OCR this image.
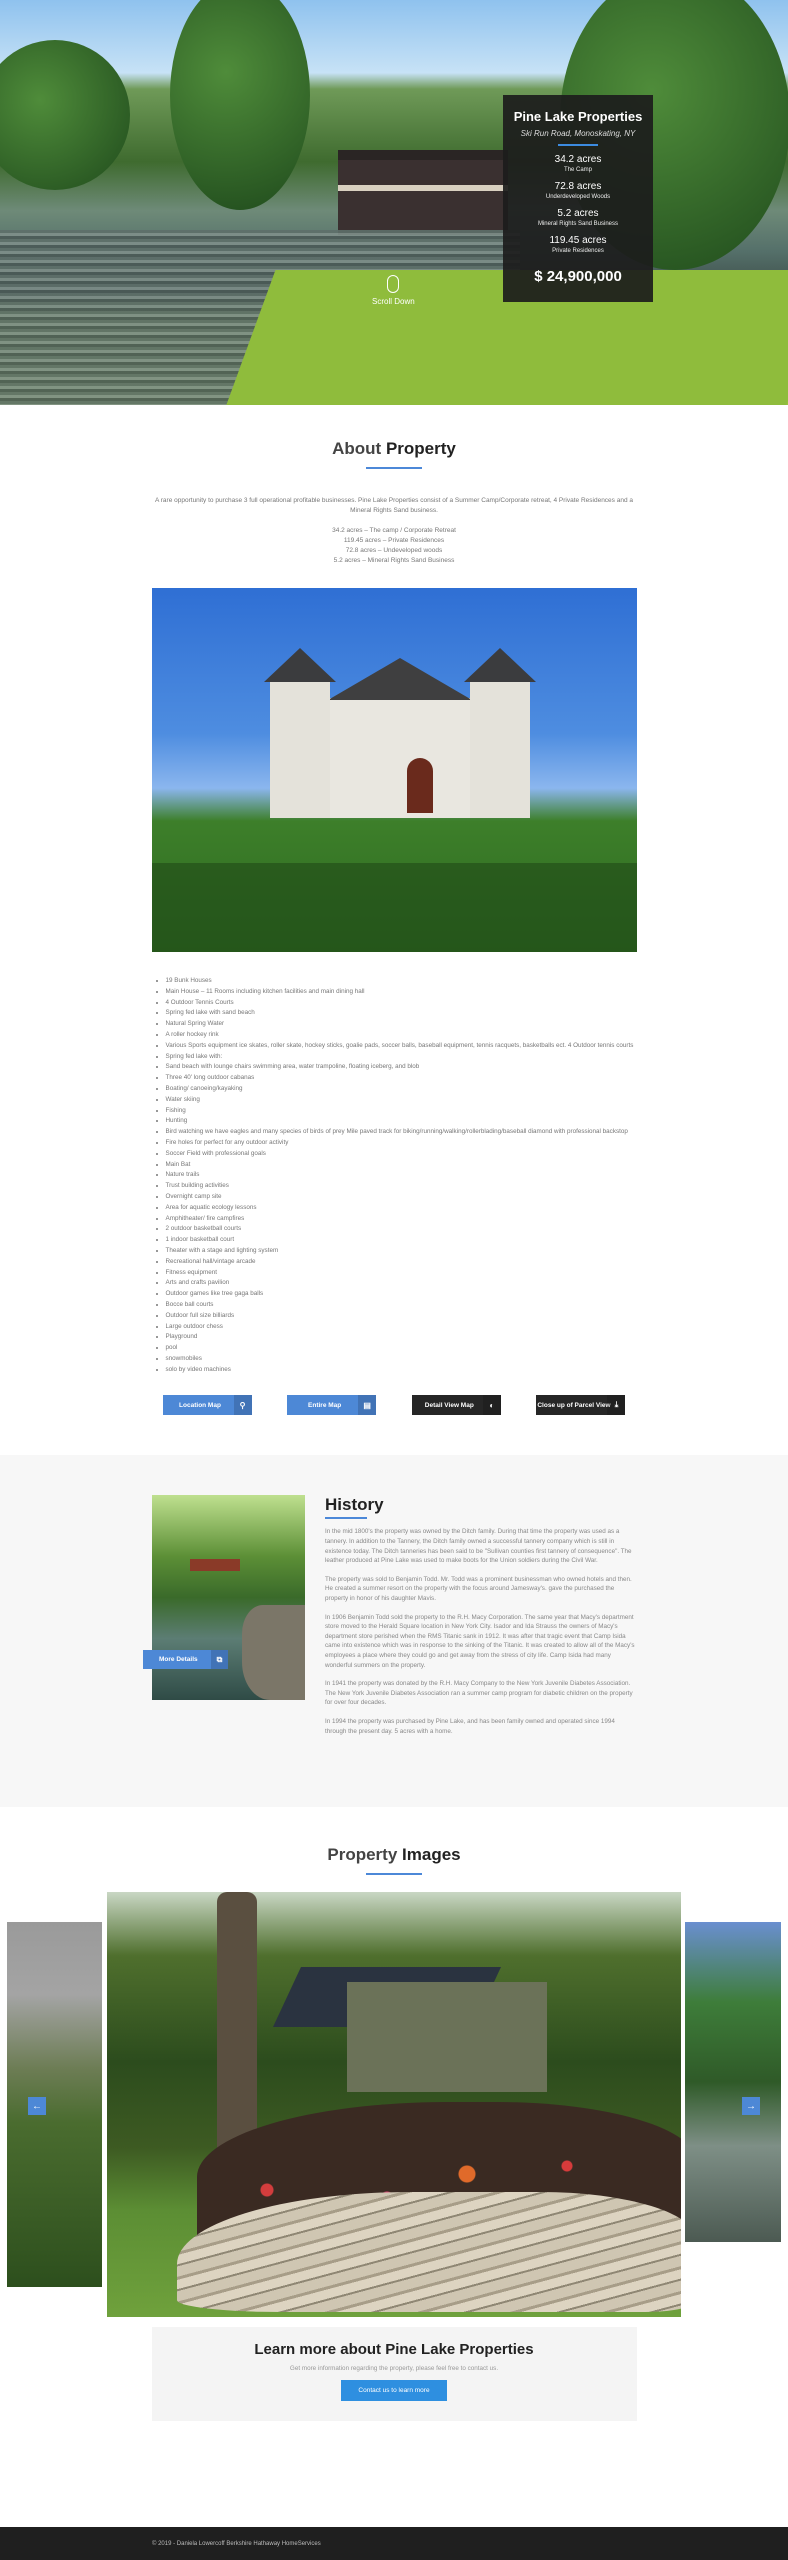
Scroll Down
Pine Lake Properties
Ski Run Road, Monoskating, NY
34.2 acres
The Camp
72.8 acres
Underdeveloped Woods
5.2 acres
Mineral Rights Sand Business
119.45 acres
Private Residences
$ 24,900,000
About Property

A rare opportunity to purchase 3 full operational profitable businesses. Pine Lake Properties consist of a Summer Camp/Corporate retreat, 4 Private Residences and a Mineral Rights Sand business.

34.2 acres – The camp / Corporate Retreat
119.45 acres – Private Residences
72.8 acres – Undeveloped woods
5.2 acres – Mineral Rights Sand Business
• 19 Bunk Houses
• Main House – 11 Rooms including kitchen facilities and main dining hall
• 4 Outdoor Tennis Courts
• Spring fed lake with sand beach
• Natural Spring Water
• A roller hockey rink
• Various Sports equipment ice skates, roller skate, hockey sticks, goalie pads, soccer balls, baseball equipment, tennis racquets, basketballs ect. 4 Outdoor tennis courts
• Spring fed lake with:
• Sand beach with lounge chairs swimming area, water trampoline, floating iceberg, and blob
• Three 40' long outdoor cabanas
• Boating/ canoeing/kayaking
• Water skiing
• Fishing
• Hunting
• Bird watching we have eagles and many species of birds of prey Mile paved track for biking/running/walking/rollerblading/baseball diamond with professional backstop
• Fire holes for perfect for any outdoor activity
• Soccer Field with professional goals
• Main Bat
• Nature trails
• Trust building activities
• Overnight camp site
• Area for aquatic ecology lessons
• Amphitheater/ fire campfires
• 2 outdoor basketball courts
• 1 indoor basketball court
• Theater with a stage and lighting system
• Recreational hall/vintage arcade
• Fitness equipment
• Arts and crafts pavilion
• Outdoor games like tree gaga balls
• Bocce ball courts
• Outdoor full size billiards
• Large outdoor chess
• Playground
• pool
• snowmobiles
• solo by video machines
Location Map	⚲	Entire Map	▤	Detail View Map	◐	Close up of Parcel View ⤓
More Details	⧉
History

In the mid 1800's the property was owned by the Ditch family. During that time the property was used as a tannery. In addition to the Tannery, the Ditch family owned a successful tannery company which is still in existence today. The Ditch tanneries has been said to be "Sullivan counties first tannery of consequence". The leather produced at Pine Lake was used to make boots for the Union soldiers during the Civil War.

The property was sold to Benjamin Todd. Mr. Todd was a prominent businessman who owned hotels and then. He created a summer resort on the property with the focus around Jamesway's. gave the purchased the property in honor of his daughter Mavis.

In 1906 Benjamin Todd sold the property to the R.H. Macy Corporation. The same year that Macy's department store moved to the Herald Square location in New York City. Isador and Ida Strauss the owners of Macy's department store perished when the RMS Titanic sank in 1912. It was after that tragic event that Camp Isida came into existence which was in response to the sinking of the Titanic. It was created to allow all of the Macy's employees a place where they could go and get away from the stress of city life. Camp Isida had many wonderful summers on the property.

In 1941 the property was donated by the R.H. Macy Company to the New York Juvenile Diabetes Association. The New York Juvenile Diabetes Association ran a summer camp program for diabetic children on the property for over four decades.

In 1994 the property was purchased by Pine Lake, and has been family owned and operated since 1994 through the present day. 5 acres with a home.

Property Images
←	→
Learn more about Pine Lake Properties

Get more information regarding the property, please feel free to contact us.

Contact us to learn more
© 2019 - Daniela Lowercoff Berkshire Hathaway HomeServices
